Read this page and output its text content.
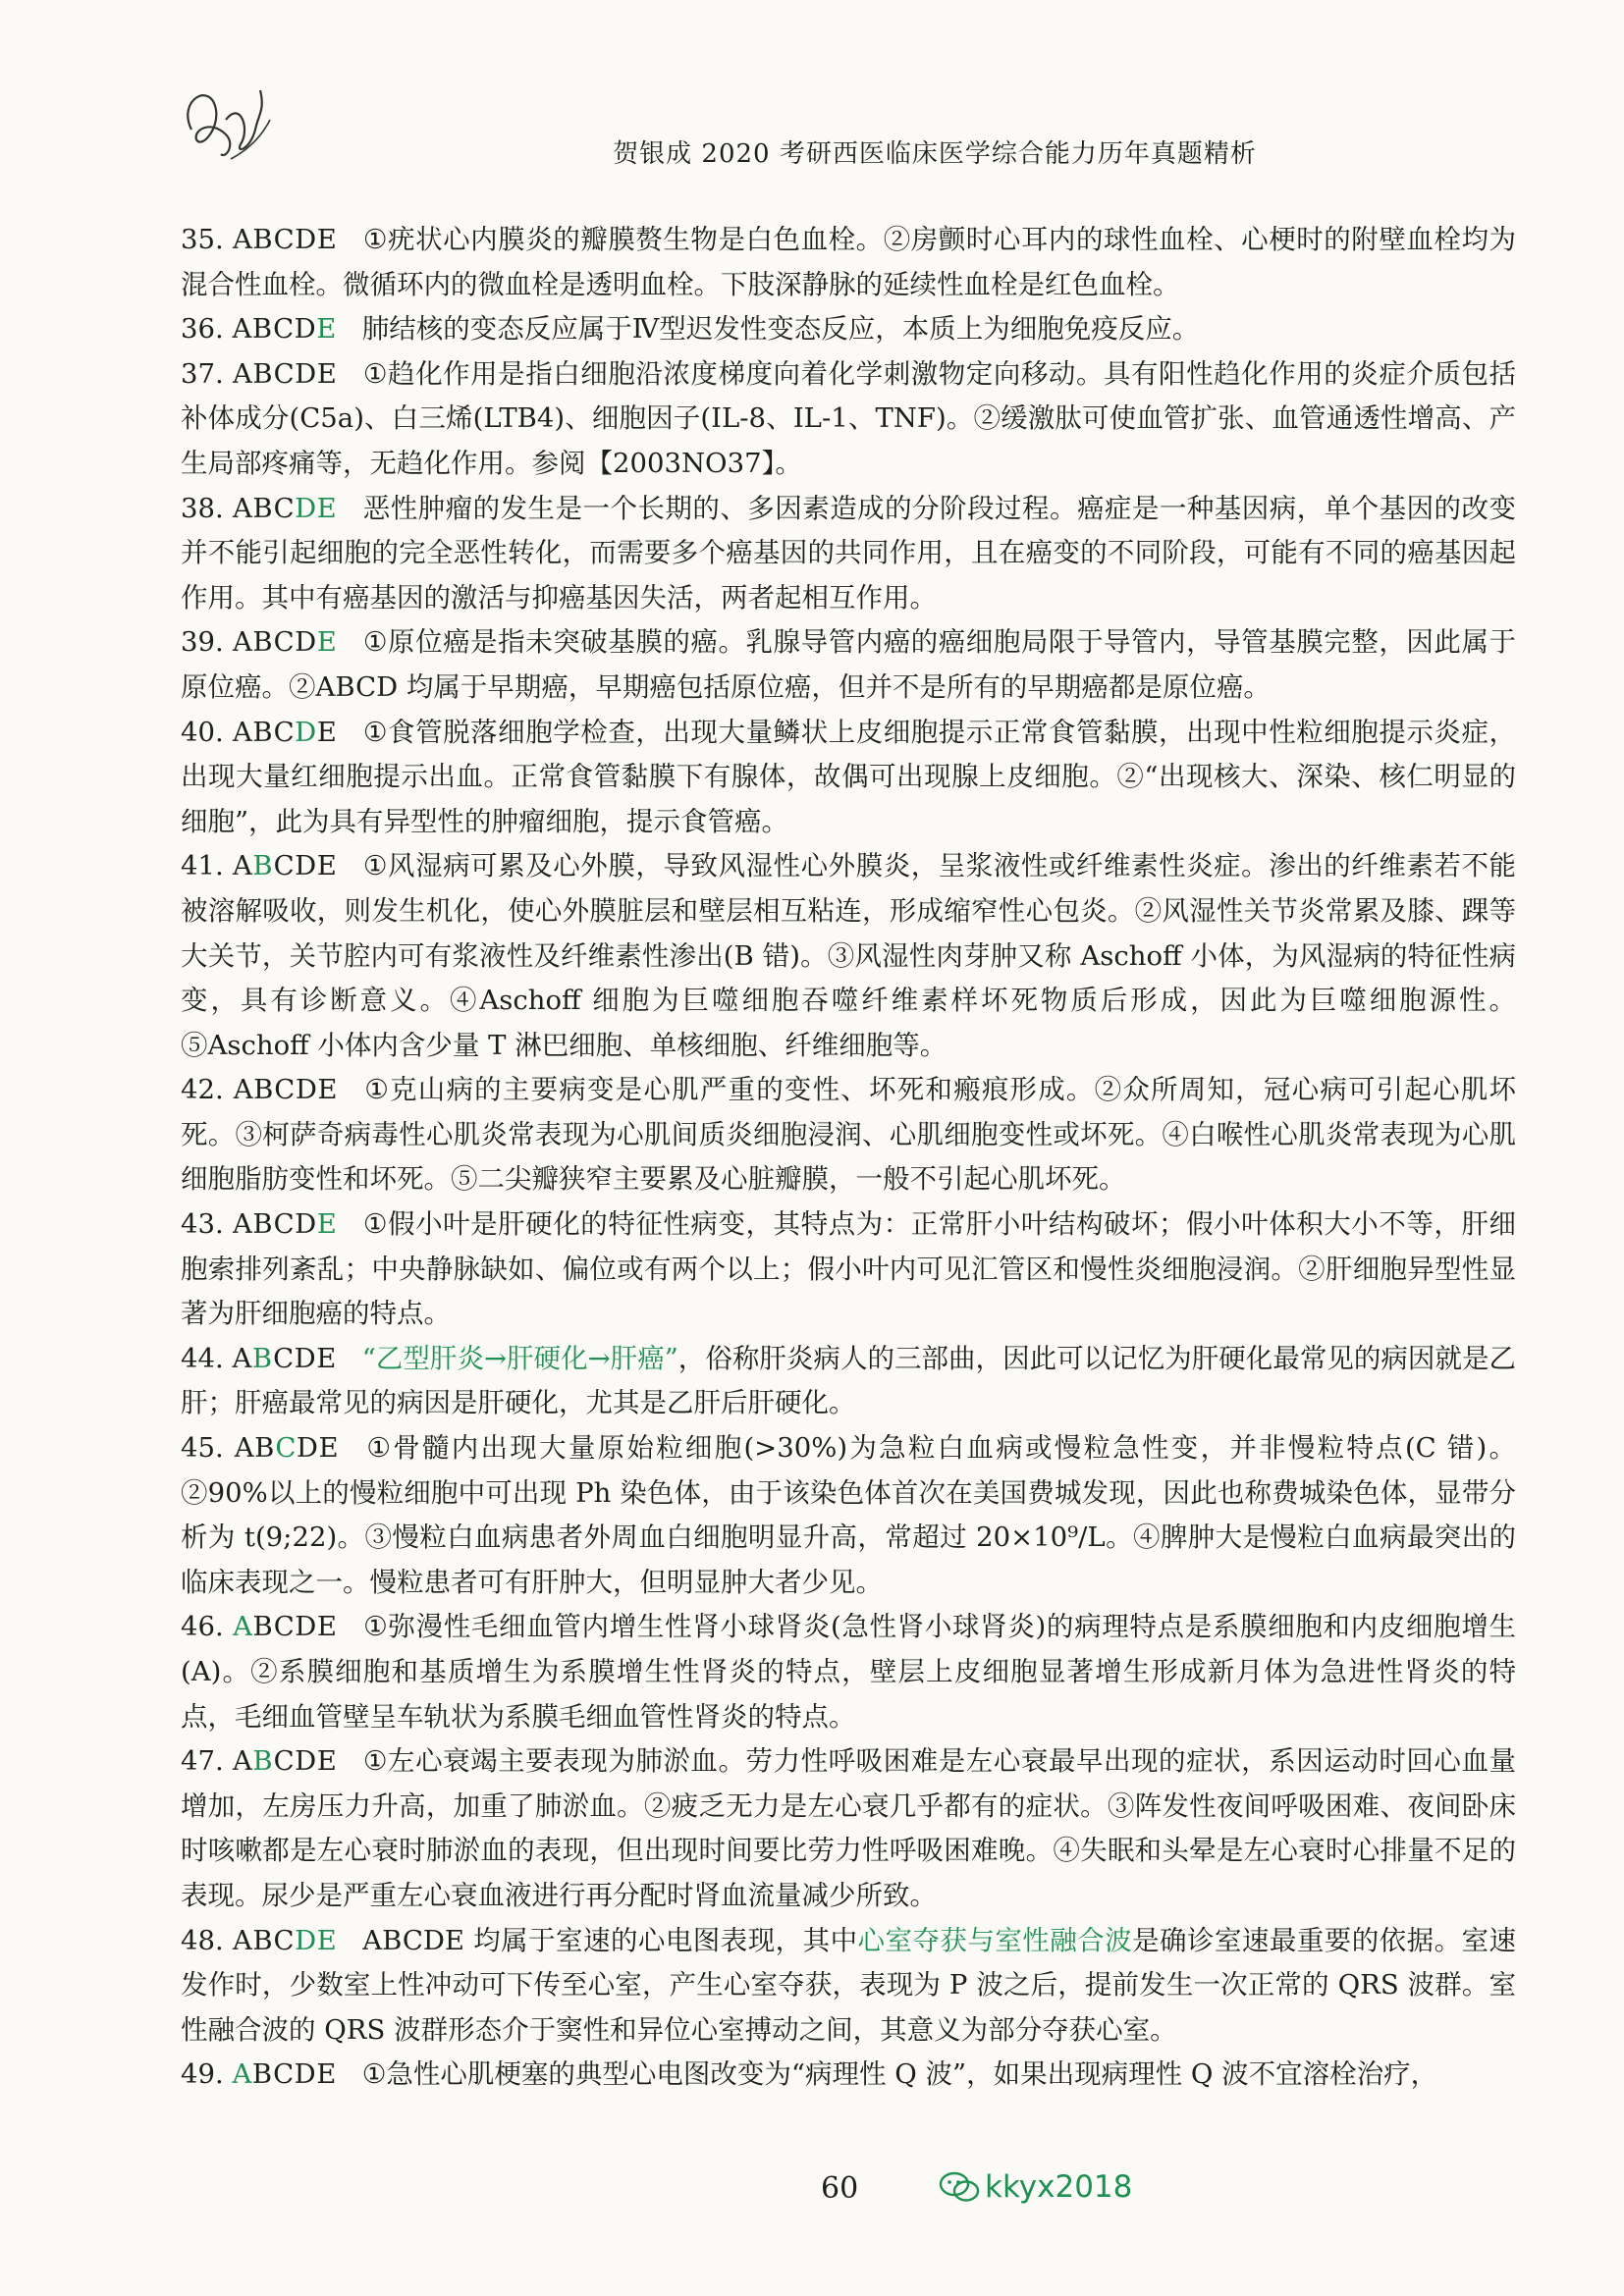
贺银成 2020 考研西医临床医学综合能力历年真题精析

35. ABCDE ①疣状心内膜炎的瓣膜赘生物是白色血栓。②房颤时心耳内的球性血栓、心梗时的附壁血栓均为混合性血栓。微循环内的微血栓是透明血栓。下肢深静脉的延续性血栓是红色血栓。

36. ABCDE 肺结核的变态反应属于Ⅳ型迟发性变态反应，本质上为细胞免疫反应。

37. ABCDE ①趋化作用是指白细胞沿浓度梯度向着化学刺激物定向移动。具有阳性趋化作用的炎症介质包括补体成分(C5a)、白三烯(LTB4)、细胞因子(IL-8、IL-1、TNF)。②缓激肽可使血管扩张、血管通透性增高、产生局部疼痛等，无趋化作用。参阅【2003NO37】。

38. ABCDE 恶性肿瘤的发生是一个长期的、多因素造成的分阶段过程。癌症是一种基因病，单个基因的改变并不能引起细胞的完全恶性转化，而需要多个癌基因的共同作用，且在癌变的不同阶段，可能有不同的癌基因起作用。其中有癌基因的激活与抑癌基因失活，两者起相互作用。

39. ABCDE ①原位癌是指未突破基膜的癌。乳腺导管内癌的癌细胞局限于导管内，导管基膜完整，因此属于原位癌。②ABCD 均属于早期癌，早期癌包括原位癌，但并不是所有的早期癌都是原位癌。

40. ABCDE ①食管脱落细胞学检查，出现大量鳞状上皮细胞提示正常食管黏膜，出现中性粒细胞提示炎症，出现大量红细胞提示出血。正常食管黏膜下有腺体，故偶可出现腺上皮细胞。②“出现核大、深染、核仁明显的细胞”，此为具有异型性的肿瘤细胞，提示食管癌。

41. ABCDE ①风湿病可累及心外膜，导致风湿性心外膜炎，呈浆液性或纤维素性炎症。渗出的纤维素若不能被溶解吸收，则发生机化，使心外膜脏层和壁层相互粘连，形成缩窄性心包炎。②风湿性关节炎常累及膝、踝等大关节，关节腔内可有浆液性及纤维素性渗出(B 错)。③风湿性肉芽肿又称 Aschoff 小体，为风湿病的特征性病变，具有诊断意义。④Aschoff 细胞为巨噬细胞吞噬纤维素样坏死物质后形成，因此为巨噬细胞源性。⑤Aschoff 小体内含少量 T 淋巴细胞、单核细胞、纤维细胞等。

42. ABCDE ①克山病的主要病变是心肌严重的变性、坏死和瘢痕形成。②众所周知，冠心病可引起心肌坏死。③柯萨奇病毒性心肌炎常表现为心肌间质炎细胞浸润、心肌细胞变性或坏死。④白喉性心肌炎常表现为心肌细胞脂肪变性和坏死。⑤二尖瓣狭窄主要累及心脏瓣膜，一般不引起心肌坏死。

43. ABCDE ①假小叶是肝硬化的特征性病变，其特点为：正常肝小叶结构破坏；假小叶体积大小不等，肝细胞索排列紊乱；中央静脉缺如、偏位或有两个以上；假小叶内可见汇管区和慢性炎细胞浸润。②肝细胞异型性显著为肝细胞癌的特点。

44. ABCDE “乙型肝炎→肝硬化→肝癌”，俗称肝炎病人的三部曲，因此可以记忆为肝硬化最常见的病因就是乙肝；肝癌最常见的病因是肝硬化，尤其是乙肝后肝硬化。

45. ABCDE ①骨髓内出现大量原始粒细胞(>30%)为急粒白血病或慢粒急性变，并非慢粒特点(C 错)。②90%以上的慢粒细胞中可出现 Ph 染色体，由于该染色体首次在美国费城发现，因此也称费城染色体，显带分析为 t(9;22)。③慢粒白血病患者外周血白细胞明显升高，常超过 20×10⁹/L。④脾肿大是慢粒白血病最突出的临床表现之一。慢粒患者可有肝肿大，但明显肿大者少见。

46. ABCDE ①弥漫性毛细血管内增生性肾小球肾炎(急性肾小球肾炎)的病理特点是系膜细胞和内皮细胞增生(A)。②系膜细胞和基质增生为系膜增生性肾炎的特点，壁层上皮细胞显著增生形成新月体为急进性肾炎的特点，毛细血管壁呈车轨状为系膜毛细血管性肾炎的特点。

47. ABCDE ①左心衰竭主要表现为肺淤血。劳力性呼吸困难是左心衰最早出现的症状，系因运动时回心血量增加，左房压力升高，加重了肺淤血。②疲乏无力是左心衰几乎都有的症状。③阵发性夜间呼吸困难、夜间卧床时咳嗽都是左心衰时肺淤血的表现，但出现时间要比劳力性呼吸困难晚。④失眠和头晕是左心衰时心排量不足的表现。尿少是严重左心衰血液进行再分配时肾血流量减少所致。

48. ABCDE ABCDE 均属于室速的心电图表现，其中心室夺获与室性融合波是确诊室速最重要的依据。室速发作时，少数室上性冲动可下传至心室，产生心室夺获，表现为 P 波之后，提前发生一次正常的 QRS 波群。室性融合波的 QRS 波群形态介于窦性和异位心室搏动之间，其意义为部分夺获心室。

49. ABCDE ①急性心肌梗塞的典型心电图改变为“病理性 Q 波”，如果出现病理性 Q 波不宜溶栓治疗，

60	kkyx2018
